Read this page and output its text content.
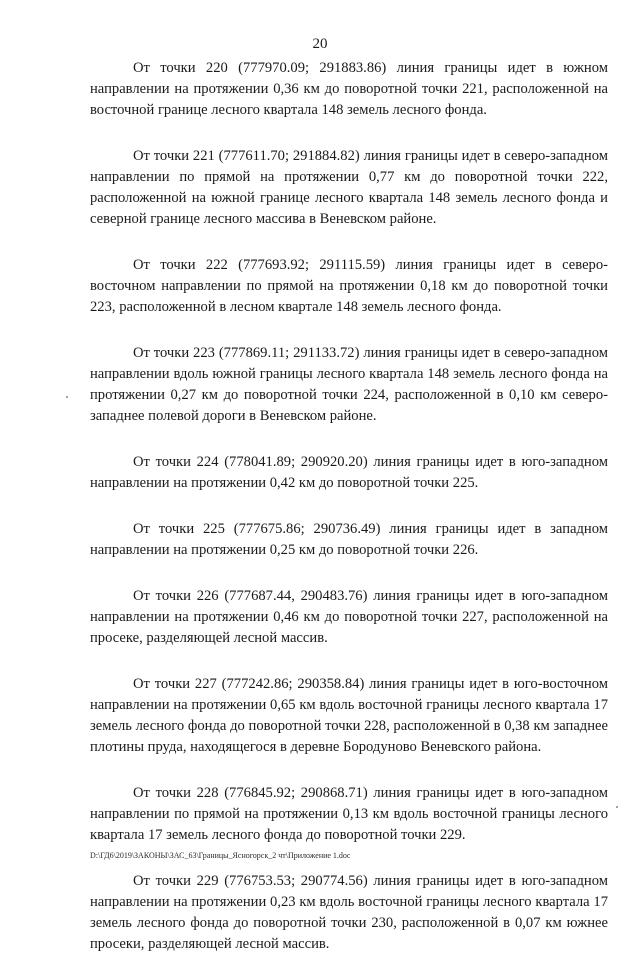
20

От точки 220 (777970.09; 291883.86) линия границы идет в южном направлении на протяжении 0,36 км до поворотной точки 221, расположенной на восточной границе лесного квартала 148 земель лесного фонда.

От точки 221 (777611.70; 291884.82) линия границы идет в северо-западном направлении по прямой на протяжении 0,77 км до поворотной точки 222, расположенной на южной границе лесного квартала 148 земель лесного фонда и северной границе лесного массива в Веневском районе.

От точки 222 (777693.92; 291115.59) линия границы идет в северо-восточном направлении по прямой на протяжении 0,18 км до поворотной точки 223, расположенной в лесном квартале 148 земель лесного фонда.

От точки 223 (777869.11; 291133.72) линия границы идет в северо-западном направлении вдоль южной границы лесного квартала 148 земель лесного фонда на протяжении 0,27 км до поворотной точки 224, расположенной в 0,10 км северо-западнее полевой дороги в Веневском районе.

От точки 224 (778041.89; 290920.20) линия границы идет в юго-западном направлении на протяжении 0,42 км до поворотной точки 225.

От точки 225 (777675.86; 290736.49) линия границы идет в западном направлении на протяжении 0,25 км до поворотной точки 226.

От точки 226 (777687.44, 290483.76) линия границы идет в юго-западном направлении на протяжении 0,46 км до поворотной точки 227, расположенной на просеке, разделяющей лесной массив.

От точки 227 (777242.86; 290358.84) линия границы идет в юго-восточном направлении на протяжении 0,65 км вдоль восточной границы лесного квартала 17 земель лесного фонда до поворотной точки 228, расположенной в 0,38 км западнее плотины пруда, находящегося в деревне Бородуново Веневского района.

От точки 228 (776845.92; 290868.71) линия границы идет в юго-западном направлении по прямой на протяжении 0,13 км вдоль восточной границы лесного квартала 17 земель лесного фонда до поворотной точки 229.

От точки 229 (776753.53; 290774.56) линия границы идет в юго-западном направлении на протяжении 0,23 км вдоль восточной границы лесного квартала 17 земель лесного фонда до поворотной точки 230, расположенной в 0,07 км южнее просеки, разделяющей лесной массив.

D:\ГД6\2019\ЗАКОНЫ\ЗАС_63\Границы_Ясногорск_2 чт\Приложение 1.doc
